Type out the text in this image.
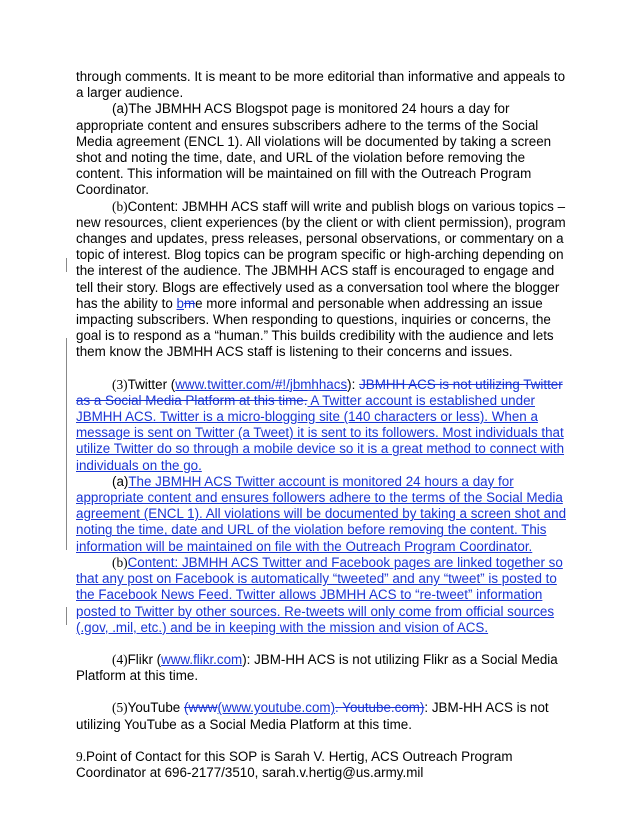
through comments. It is meant to be more editorial than informative and appeals to a larger audience.

(a)The JBMHH ACS Blogspot page is monitored 24 hours a day for appropriate content and ensures subscribers adhere to the terms of the Social Media agreement (ENCL 1). All violations will be documented by taking a screen shot and noting the time, date, and URL of the violation before removing the content. This information will be maintained on fill with the Outreach Program Coordinator.

(b)Content: JBMHH ACS staff will write and publish blogs on various topics – new resources, client experiences (by the client or with client permission), program changes and updates, press releases, personal observations, or commentary on a topic of interest. Blog topics can be program specific or high-arching depending on the interest of the audience. The JBMHH ACS staff is encouraged to engage and tell their story. Blogs are effectively used as a conversation tool where the blogger has the ability to bme more informal and personable when addressing an issue impacting subscribers. When responding to questions, inquiries or concerns, the goal is to respond as a “human.” This builds credibility with the audience and lets them know the JBMHH ACS staff is listening to their concerns and issues.

(3)Twitter (www.twitter.com/#!/jbmhhacs): JBMHH ACS is not utilizing Twitter as a Social Media Platform at this time. A Twitter account is established under JBMHH ACS. Twitter is a micro-blogging site (140 characters or less). When a message is sent on Twitter (a Tweet) it is sent to its followers. Most individuals that utilize Twitter do so through a mobile device so it is a great method to connect with individuals on the go.

(a)The JBMHH ACS Twitter account is monitored 24 hours a day for appropriate content and ensures followers adhere to the terms of the Social Media agreement (ENCL 1). All violations will be documented by taking a screen shot and noting the time, date and URL of the violation before removing the content. This information will be maintained on file with the Outreach Program Coordinator.

(b)Content: JBMHH ACS Twitter and Facebook pages are linked together so that any post on Facebook is automatically “tweeted” and any “tweet” is posted to the Facebook News Feed. Twitter allows JBMHH ACS to “re-tweet” information posted to Twitter by other sources. Re-tweets will only come from official sources (.gov, .mil, etc.) and be in keeping with the mission and vision of ACS.

(4)Flikr (www.flikr.com): JBM-HH ACS is not utilizing Flikr as a Social Media Platform at this time.

(5)YouTube (www(www.youtube.com). Youtube.com): JBM-HH ACS is not utilizing YouTube as a Social Media Platform at this time.

9.Point of Contact for this SOP is Sarah V. Hertig, ACS Outreach Program Coordinator at 696-2177/3510, sarah.v.hertig@us.army.mil
